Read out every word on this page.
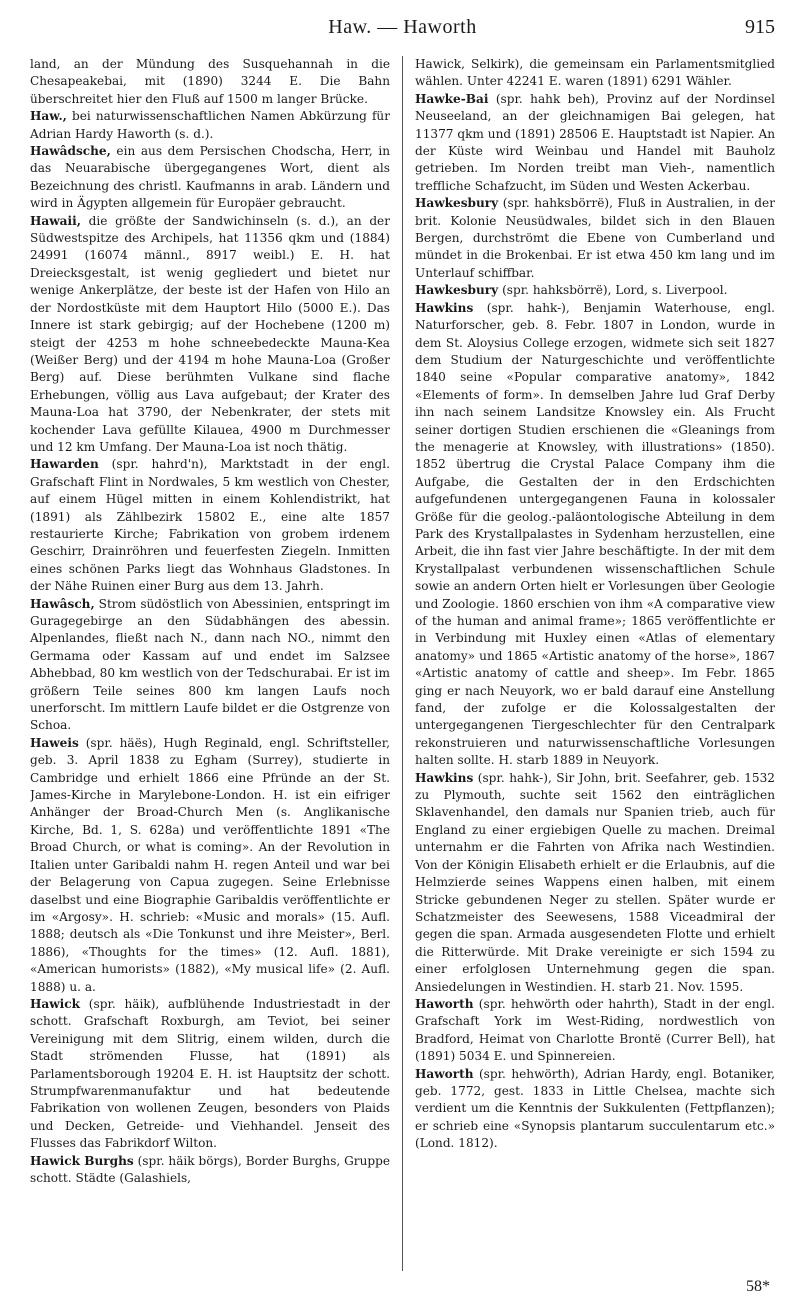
Haw. — Haworth	915

land, an der Mündung des Susquehannah in die Chesapeakebai, mit (1890) 3244 E. Die Bahn überschreitet hier den Fluß auf 1500 m langer Brücke.

Haw., bei naturwissenschaftlichen Namen Abkürzung für Adrian Hardy Haworth (s. d.).

Hawâdsche, ein aus dem Persischen Chodscha, Herr, in das Neuarabische übergegangenes Wort, dient als Bezeichnung des christl. Kaufmanns in arab. Ländern und wird in Ägypten allgemein für Europäer gebraucht.

Hawaii, die größte der Sandwichinseln (s. d.), an der Südwestspitze des Archipels, hat 11356 qkm und (1884) 24991 (16074 männl., 8917 weibl.) E. H. hat Dreiecksgestalt, ist wenig gegliedert und bietet nur wenige Ankerplätze, der beste ist der Hafen von Hilo an der Nordostküste mit dem Hauptort Hilo (5000 E.). Das Innere ist stark gebirgig; auf der Hochebene (1200 m) steigt der 4253 m hohe schneebedeckte Mauna-Kea (Weißer Berg) und der 4194 m hohe Mauna-Loa (Großer Berg) auf. Diese berühmten Vulkane sind flache Erhebungen, völlig aus Lava aufgebaut; der Krater des Mauna-Loa hat 3790, der Nebenkrater, der stets mit kochender Lava gefüllte Kilauea, 4900 m Durchmesser und 12 km Umfang. Der Mauna-Loa ist noch thätig.

Hawarden (spr. hahrd'n), Marktstadt in der engl. Grafschaft Flint in Nordwales, 5 km westlich von Chester, auf einem Hügel mitten in einem Kohlendistrikt, hat (1891) als Zählbezirk 15802 E., eine alte 1857 restaurierte Kirche; Fabrikation von grobem irdenem Geschirr, Drainröhren und feuerfesten Ziegeln. Inmitten eines schönen Parks liegt das Wohnhaus Gladstones. In der Nähe Ruinen einer Burg aus dem 13. Jahrh.

Hawâsch, Strom südöstlich von Abessinien, entspringt im Guragegebirge an den Südabhängen des abessin. Alpenlandes, fließt nach N., dann nach NO., nimmt den Germama oder Kassam auf und endet im Salzsee Abhebbad, 80 km westlich von der Tedschurabai. Er ist im größern Teile seines 800 km langen Laufs noch unerforscht. Im mittlern Laufe bildet er die Ostgrenze von Schoa.

Haweis (spr. häës), Hugh Reginald, engl. Schriftsteller, geb. 3. April 1838 zu Egham (Surrey), studierte in Cambridge und erhielt 1866 eine Pfründe an der St. James-Kirche in Marylebone-London. H. ist ein eifriger Anhänger der Broad-Church Men (s. Anglikanische Kirche, Bd. 1, S. 628a) und veröffentlichte 1891 «The Broad Church, or what is coming». An der Revolution in Italien unter Garibaldi nahm H. regen Anteil und war bei der Belagerung von Capua zugegen. Seine Erlebnisse daselbst und eine Biographie Garibaldis veröffentlichte er im «Argosy». H. schrieb: «Music and morals» (15. Aufl. 1888; deutsch als «Die Tonkunst und ihre Meister», Berl. 1886), «Thoughts for the times» (12. Aufl. 1881), «American humorists» (1882), «My musical life» (2. Aufl. 1888) u. a.

Hawick (spr. häik), aufblühende Industriestadt in der schott. Grafschaft Roxburgh, am Teviot, bei seiner Vereinigung mit dem Slitrig, einem wilden, durch die Stadt strömenden Flusse, hat (1891) als Parlamentsborough 19204 E. H. ist Hauptsitz der schott. Strumpfwarenmanufaktur und hat bedeutende Fabrikation von wollenen Zeugen, besonders von Plaids und Decken, Getreide- und Viehhandel. Jenseit des Flusses das Fabrikdorf Wilton.

Hawick Burghs (spr. häik börgs), Border Burghs, Gruppe schott. Städte (Galashiels,

Hawick, Selkirk), die gemeinsam ein Parlamentsmitglied wählen. Unter 42241 E. waren (1891) 6291 Wähler.

Hawke-Bai (spr. hahk beh), Provinz auf der Nordinsel Neuseeland, an der gleichnamigen Bai gelegen, hat 11377 qkm und (1891) 28506 E. Hauptstadt ist Napier. An der Küste wird Weinbau und Handel mit Bauholz getrieben. Im Norden treibt man Vieh-, namentlich treffliche Schafzucht, im Süden und Westen Ackerbau.

Hawkesbury (spr. hahksbörrë), Fluß in Australien, in der brit. Kolonie Neusüdwales, bildet sich in den Blauen Bergen, durchströmt die Ebene von Cumberland und mündet in die Brokenbai. Er ist etwa 450 km lang und im Unterlauf schiffbar.

Hawkesbury (spr. hahksbörrë), Lord, s. Liverpool.

Hawkins (spr. hahk-), Benjamin Waterhouse, engl. Naturforscher, geb. 8. Febr. 1807 in London, wurde in dem St. Aloysius College erzogen, widmete sich seit 1827 dem Studium der Naturgeschichte und veröffentlichte 1840 seine «Popular comparative anatomy», 1842 «Elements of form». In demselben Jahre lud Graf Derby ihn nach seinem Landsitze Knowsley ein. Als Frucht seiner dortigen Studien erschienen die «Gleanings from the menagerie at Knowsley, with illustrations» (1850). 1852 übertrug die Crystal Palace Company ihm die Aufgabe, die Gestalten der in den Erdschichten aufgefundenen untergegangenen Fauna in kolossaler Größe für die geolog.-paläontologische Abteilung in dem Park des Krystallpalastes in Sydenham herzustellen, eine Arbeit, die ihn fast vier Jahre beschäftigte. In der mit dem Krystallpalast verbundenen wissenschaftlichen Schule sowie an andern Orten hielt er Vorlesungen über Geologie und Zoologie. 1860 erschien von ihm «A comparative view of the human and animal frame»; 1865 veröffentlichte er in Verbindung mit Huxley einen «Atlas of elementary anatomy» und 1865 «Artistic anatomy of the horse», 1867 «Artistic anatomy of cattle and sheep». Im Febr. 1865 ging er nach Neuyork, wo er bald darauf eine Anstellung fand, der zufolge er die Kolossalgestalten der untergegangenen Tiergeschlechter für den Centralpark rekonstruieren und naturwissenschaftliche Vorlesungen halten sollte. H. starb 1889 in Neuyork.

Hawkins (spr. hahk-), Sir John, brit. Seefahrer, geb. 1532 zu Plymouth, suchte seit 1562 den einträglichen Sklavenhandel, den damals nur Spanien trieb, auch für England zu einer ergiebigen Quelle zu machen. Dreimal unternahm er die Fahrten von Afrika nach Westindien. Von der Königin Elisabeth erhielt er die Erlaubnis, auf die Helmzierde seines Wappens einen halben, mit einem Stricke gebundenen Neger zu stellen. Später wurde er Schatzmeister des Seewesens, 1588 Viceadmiral der gegen die span. Armada ausgesendeten Flotte und erhielt die Ritterwürde. Mit Drake vereinigte er sich 1594 zu einer erfolglosen Unternehmung gegen die span. Ansiedelungen in Westindien. H. starb 21. Nov. 1595.

Haworth (spr. hehwörth oder hahrth), Stadt in der engl. Grafschaft York im West-Riding, nordwestlich von Bradford, Heimat von Charlotte Brontë (Currer Bell), hat (1891) 5034 E. und Spinnereien.

Haworth (spr. hehwörth), Adrian Hardy, engl. Botaniker, geb. 1772, gest. 1833 in Little Chelsea, machte sich verdient um die Kenntnis der Sukkulenten (Fettpflanzen); er schrieb eine «Synopsis plantarum succulentarum etc.» (Lond. 1812).

58*
